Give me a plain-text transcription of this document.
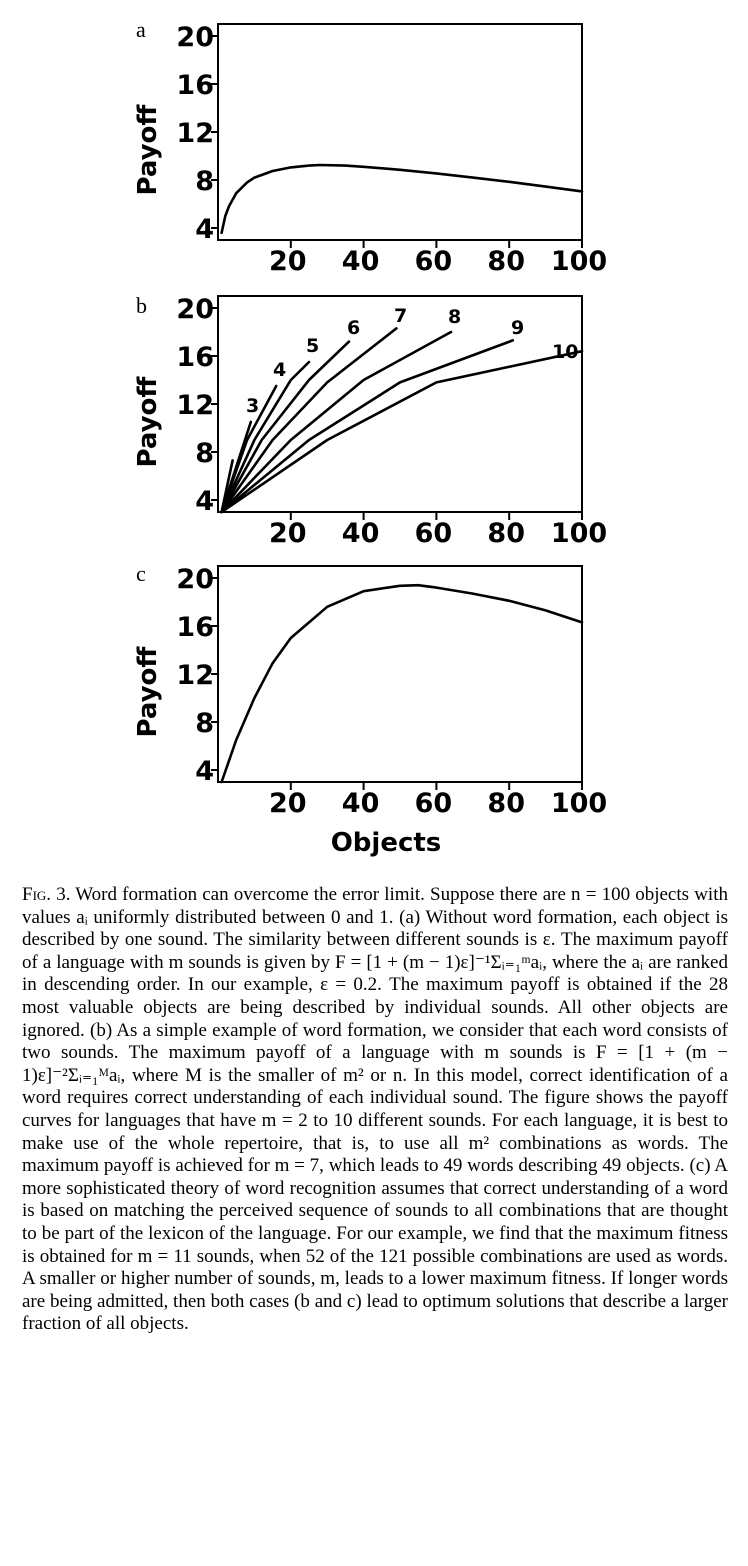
a
4
8
12
16
20
20 40 60 80 100
Payoff
b
4
8
12
16
20
20 40 60 80 100
Payoff	3
4
5
6
7 8	9
10
c
4
8
12
16
20
20 40 60 80 100
Payoff
Objects

Fig. 3. Word formation can overcome the error limit. Suppose there are n = 100 objects with values aᵢ uniformly distributed between 0 and 1. (a) Without word formation, each object is described by one sound. The similarity between different sounds is ε. The maximum payoff of a language with m sounds is given by F = [1 + (m − 1)ε]⁻¹Σᵢ₌₁ᵐaᵢ, where the aᵢ are ranked in descending order. In our example, ε = 0.2. The maximum payoff is obtained if the 28 most valuable objects are being described by individual sounds. All other objects are ignored. (b) As a simple example of word formation, we consider that each word consists of two sounds. The maximum payoff of a language with m sounds is F = [1 + (m − 1)ε]⁻²Σᵢ₌₁ᴹaᵢ, where M is the smaller of m² or n. In this model, correct identification of a word requires correct understanding of each individual sound. The figure shows the payoff curves for languages that have m = 2 to 10 different sounds. For each language, it is best to make use of the whole repertoire, that is, to use all m² combinations as words. The maximum payoff is achieved for m = 7, which leads to 49 words describing 49 objects. (c) A more sophisticated theory of word recognition assumes that correct understanding of a word is based on matching the perceived sequence of sounds to all combinations that are thought to be part of the lexicon of the language. For our example, we find that the maximum fitness is obtained for m = 11 sounds, when 52 of the 121 possible combinations are used as words. A smaller or higher number of sounds, m, leads to a lower maximum fitness. If longer words are being admitted, then both cases (b and c) lead to optimum solutions that describe a larger fraction of all objects.
